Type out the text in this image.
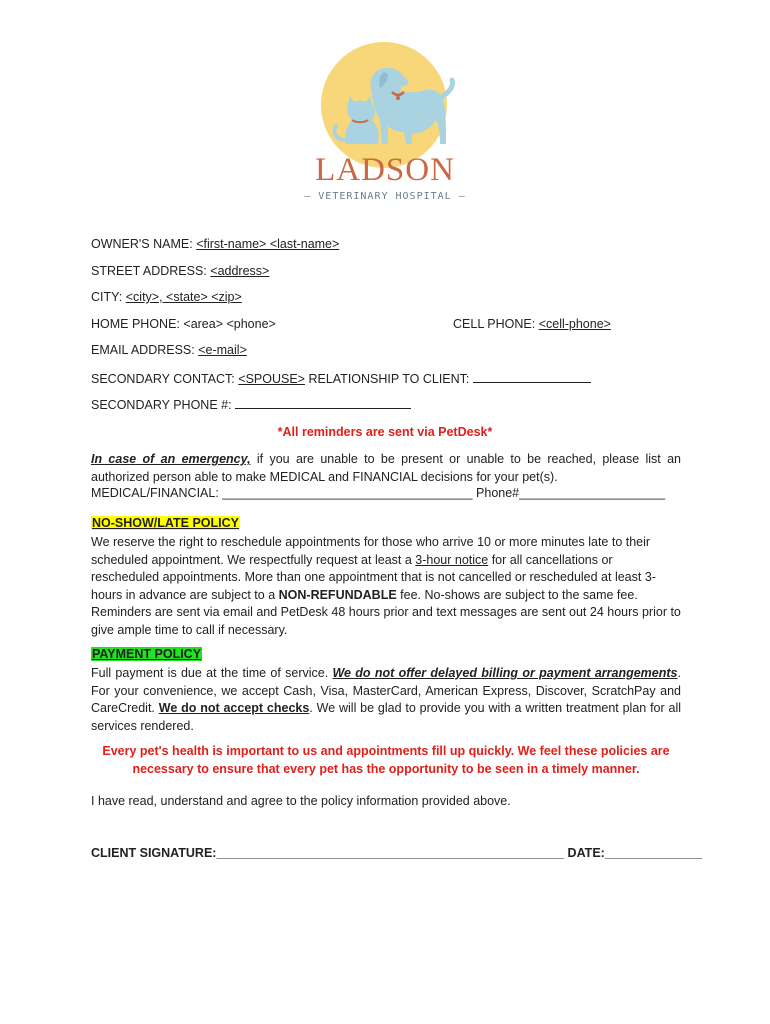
LADSON
— VETERINARY HOSPITAL —
OWNER'S NAME: <first-name> <last-name>
STREET ADDRESS: <address>
CITY: <city>, <state> <zip>
HOME PHONE: <area> <phone>	CELL PHONE: <cell-phone>
EMAIL ADDRESS: <e-mail>
SECONDARY CONTACT: <SPOUSE> RELATIONSHIP TO CLIENT:
SECONDARY PHONE #:
*All reminders are sent via PetDesk*
In case of an emergency, if you are unable to be present or unable to be reached, please list an authorized person able to make MEDICAL and FINANCIAL decisions for your pet(s).
MEDICAL/FINANCIAL: ____________________________________ Phone#_____________________
NO-SHOW/LATE POLICY
We reserve the right to reschedule appointments for those who arrive 10 or more minutes late to their scheduled appointment. We respectfully request at least a 3-hour notice for all cancellations or rescheduled appointments. More than one appointment that is not cancelled or rescheduled at least 3-hours in advance are subject to a NON-REFUNDABLE fee. No-shows are subject to the same fee. Reminders are sent via email and PetDesk 48 hours prior and text messages are sent out 24 hours prior to give ample time to call if necessary.
PAYMENT POLICY
Full payment is due at the time of service. We do not offer delayed billing or payment arrangements. For your convenience, we accept Cash, Visa, MasterCard, American Express, Discover, ScratchPay and CareCredit. We do not accept checks. We will be glad to provide you with a written treatment plan for all services rendered.
Every pet's health is important to us and appointments fill up quickly. We feel these policies are necessary to ensure that every pet has the opportunity to be seen in a timely manner.
I have read, understand and agree to the policy information provided above.
CLIENT SIGNATURE:__________________________________________________ DATE:______________
